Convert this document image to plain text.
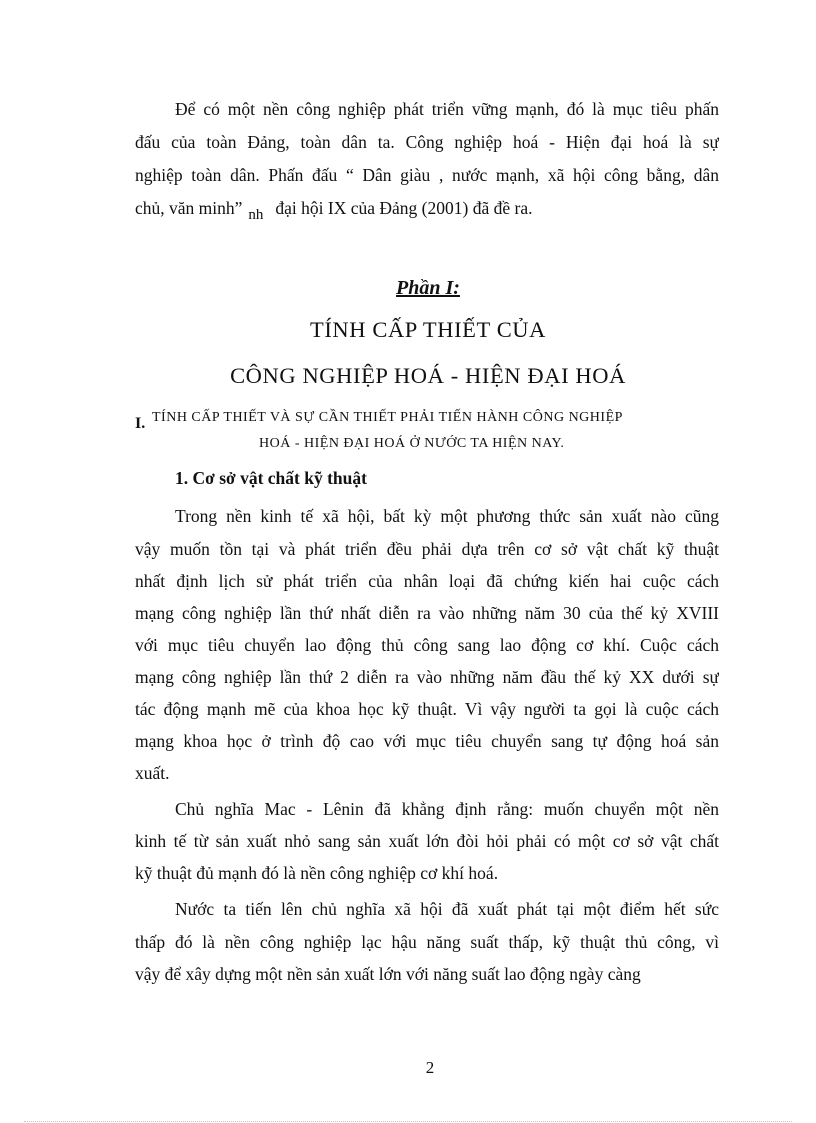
Để có một nền công nghiệp phát triển vững mạnh, đó là mục tiêu phấn
đấu của toàn Đảng, toàn dân ta. Công nghiệp hoá - Hiện đại hoá là sự
nghiệp toàn dân. Phấn đấu “ Dân giàu , nước mạnh, xã hội công bằng, dân
chủ, văn minh” nh đại hội IX của Đảng (2001) đã đề ra.
Phần I:
TÍNH CẤP THIẾT CỦA
CÔNG NGHIỆP HOÁ - HIỆN ĐẠI HOÁ
I. TÍNH CẤP THIẾT VÀ SỰ CẦN THIẾT PHẢI TIẾN HÀNH CÔNG NGHIỆP
HOÁ - HIỆN ĐẠI HOÁ Ở NƯỚC TA HIỆN NAY.
1. Cơ sở vật chất kỹ thuật
Trong nền kinh tế xã hội, bất kỳ một phương thức sản xuất nào cũng
vậy muốn tồn tại và phát triển đều phải dựa trên cơ sở vật chất kỹ thuật
nhất định lịch sử phát triển của nhân loại đã chứng kiến hai cuộc cách
mạng công nghiệp lần thứ nhất diễn ra vào những năm 30 của thế kỷ XVIII
với mục tiêu chuyển lao động thủ công sang lao động cơ khí. Cuộc cách
mạng công nghiệp lần thứ 2 diễn ra vào những năm đầu thế kỷ XX dưới sự
tác động mạnh mẽ của khoa học kỹ thuật. Vì vậy người ta gọi là cuộc cách
mạng khoa học ở trình độ cao với mục tiêu chuyển sang tự động hoá sản
xuất.
Chủ nghĩa Mac - Lênin đã khẳng định rằng: muốn chuyển một nền
kinh tế từ sản xuất nhỏ sang sản xuất lớn đòi hỏi phải có một cơ sở vật chất
kỹ thuật đủ mạnh đó là nền công nghiệp cơ khí hoá.
Nước ta tiến lên chủ nghĩa xã hội đã xuất phát tại một điểm hết sức
thấp đó là nền công nghiệp lạc hậu năng suất thấp, kỹ thuật thủ công, vì
vậy để xây dựng một nền sản xuất lớn với năng suất lao động ngày càng
2
